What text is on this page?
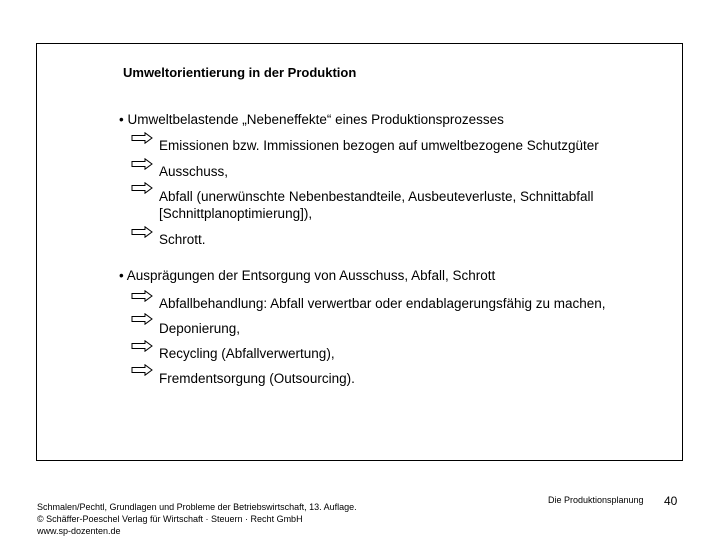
Umweltorientierung in der Produktion
• Umweltbelastende „Nebeneffekte“ eines Produktionsprozesses
Emissionen bzw. Immissionen bezogen auf umweltbezogene Schutzgüter
Ausschuss,
Abfall (unerwünschte Nebenbestandteile, Ausbeuteverluste, Schnittabfall [Schnittplanoptimierung]),
Schrott.
• Ausprägungen der Entsorgung von Ausschuss, Abfall, Schrott
Abfallbehandlung: Abfall verwertbar oder endablagerungsfähig zu machen,
Deponierung,
Recycling (Abfallverwertung),
Fremdentsorgung (Outsourcing).
Schmalen/Pechtl, Grundlagen und Probleme der Betriebswirtschaft, 13. Auflage.
© Schäffer-Poeschel Verlag für Wirtschaft · Steuern · Recht GmbH
www.sp-dozenten.de
Die Produktionsplanung 40
